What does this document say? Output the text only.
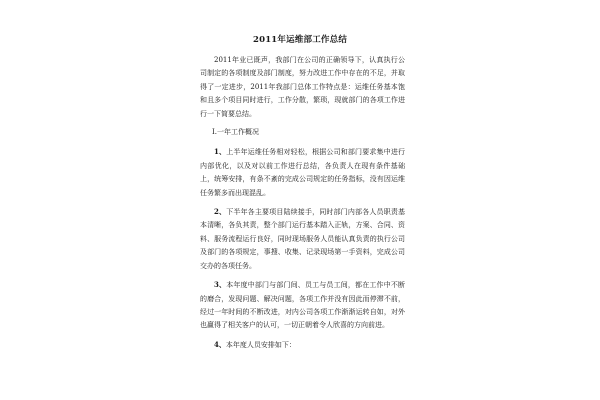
2011年运维部工作总结

2011年业已既声，我部门在公司的正确领导下，认真执行公司制定的各项制度及部门制度，努力改进工作中存在的不足，并取得了一定进步，2011年我部门总体工作特点是：运维任务基本饱和且多个项目同时进行，工作分散，繁琐，现就部门的各项工作进行一下简要总结。

Ⅰ.一年工作概况

1、上半年运维任务相对轻松，根据公司和部门要求集中进行内部优化，以及对以前工作进行总结，各负责人在现有条件基础上，统筹安排，有条不紊的完成公司规定的任务指标，没有因运维任务繁多而出现混乱。

2、下半年各主要项目陆续接手，同时部门内部各人员职责基本清晰，各负其责，整个部门运行基本踏入正轨，方案、合同、资料、服务流程运行良好，同时现场服务人员能认真负责的执行公司及部门的各项规定，事搜、收集、记录现场第一手资料，完成公司交办的各项任务。

3、本年度中部门与部门间、员工与员工间，都在工作中不断的磨合，发现问题、解决问题，各项工作并没有因此而停滞不前，经过一年时间的不断改进，对内公司各项工作渐渐运转自如，对外也赢得了相关客户的认可，一切正朝着令人欣喜的方向前进。

4、本年度人员安排如下：
